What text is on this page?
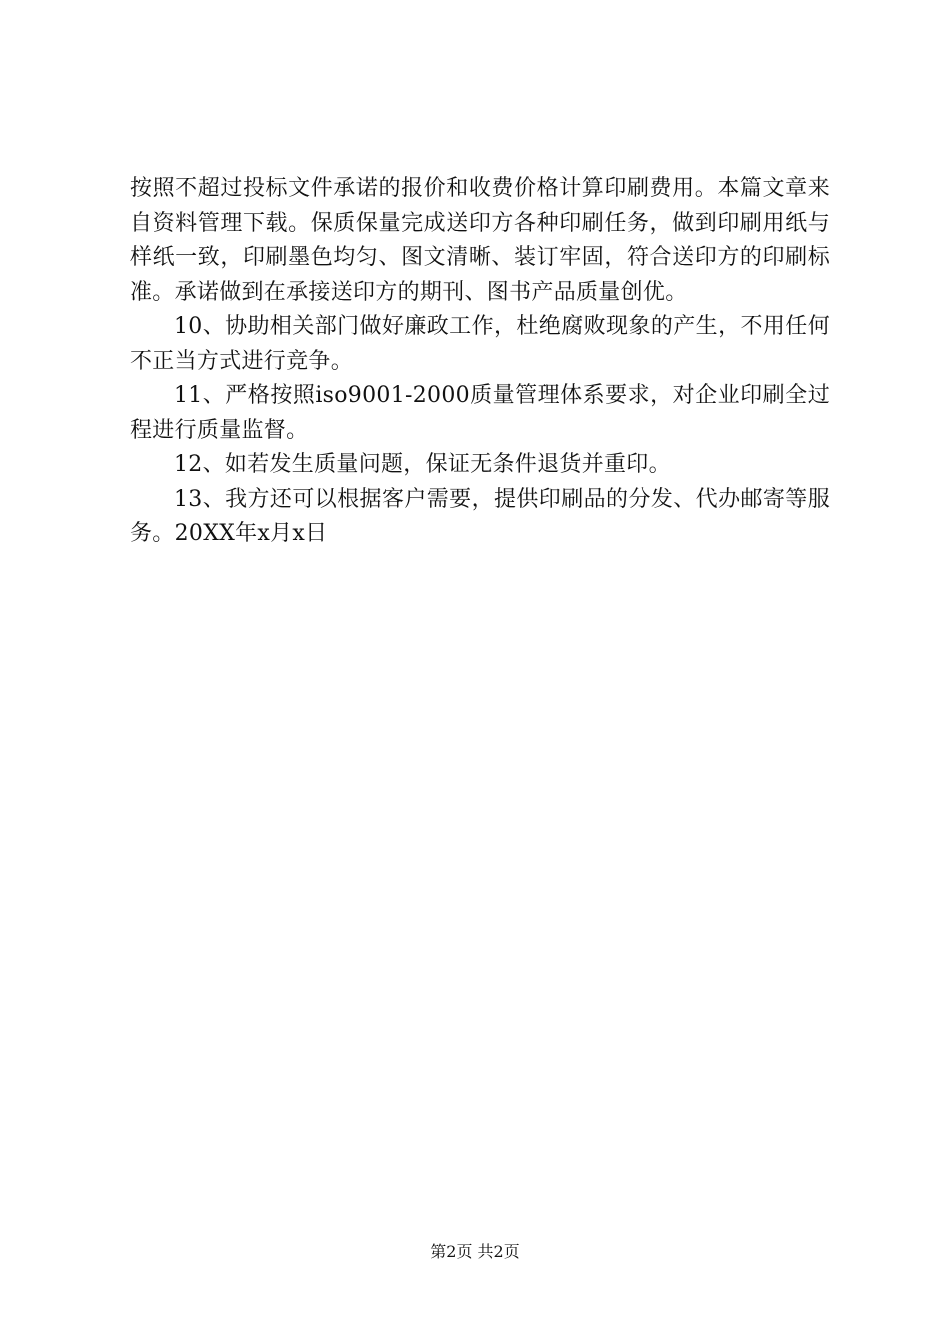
按照不超过投标文件承诺的报价和收费价格计算印刷费用。本篇文章来自资料管理下载。保质保量完成送印方各种印刷任务，做到印刷用纸与样纸一致，印刷墨色均匀、图文清晰、装订牢固，符合送印方的印刷标准。承诺做到在承接送印方的期刊、图书产品质量创优。

10、协助相关部门做好廉政工作，杜绝腐败现象的产生，不用任何不正当方式进行竞争。

11、严格按照iso9001-2000质量管理体系要求，对企业印刷全过程进行质量监督。

12、如若发生质量问题，保证无条件退货并重印。

13、我方还可以根据客户需要，提供印刷品的分发、代办邮寄等服务。20XX年x月x日

第2页 共2页
